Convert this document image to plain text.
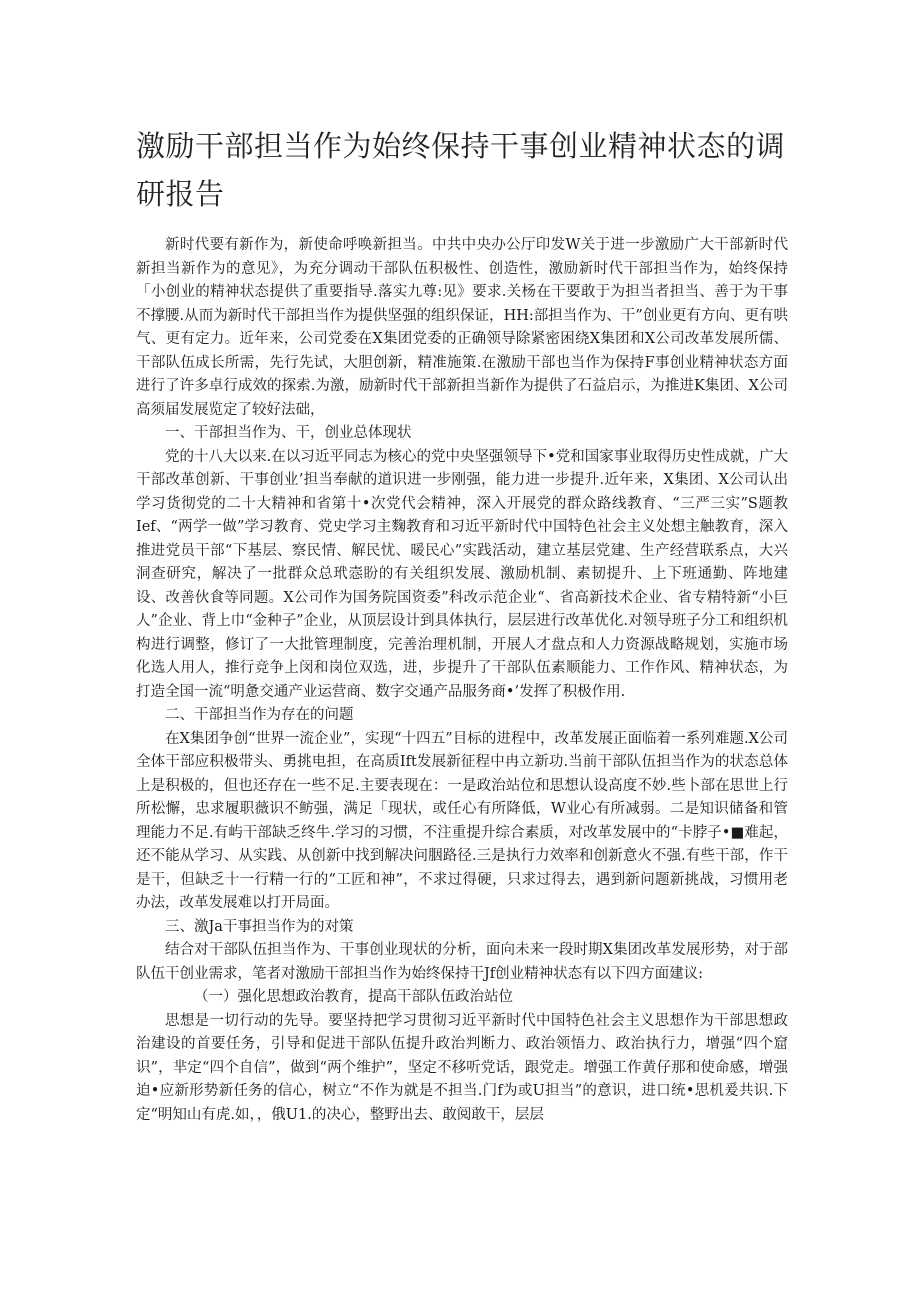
激励干部担当作为始终保持干事创业精神状态的调研报告

新时代要有新作为，新使命呼唤新担当。中共中央办公厅印发W关于进一步激励广大干部新时代新担当新作为的意见》，为充分调动干部队伍积极性、创造性，激励新时代干部担当作为，始终保持「小创业的精神状态提供了重要指导.落实九尊:见》要求.关杨在干要敢于为担当者担当、善于为干事不撑腰.从而为新时代干部担当作为提供坚强的组织保证，HH:部担当作为、干”创业更有方向、更有哄气、更有定力。近年来，公司党委在X集团党委的正确领导除紧密困绕X集团和X公司改革发展所儒、干部队伍成长所需，先行先试，大胆创新，精准施策.在激励干部也当作为保持F事创业精神状态方面进行了许多卓行成效的探索.为激，励新时代干部新担当新作为提供了石益启示，为推进K集团、X公司高须届发展览定了较好法础，

一、干部担当作为、干，创业总体现状

党的十八大以来.在以习近平同志为核心的党中央坚强领导下•党和国家事业取得历史性成就，广大干部改革创新、干事创业’担当奉献的道识进一步刚强，能力进一步提升.近年来，X集团、X公司认出学习货彻党的二十大精神和省第十•次党代会精神，深入开展党的群众路线教育、“三严三实”S题教Ief、“两学一做”学习教育、党史学习主麴教育和习近平新时代中国特色社会主义处想主触教育，深入推进党员干部“下基层、察民情、解民忧、暖民心”实践活动，建立基层党建、生产经营联系点，大兴洞查研究，解决了一批群众总玳悫盼的有关组织发展、激励机制、素韧提升、上下班通勤、阵地建设、改善伙食等同题。X公司作为国务院国资委”科改示范企业“、省高新技术企业、省专精特新“小巨人”企业、背上巾“金种子”企业，从顶层设计到具体执行，层层进行改革优化.对领导班子分工和组织机构进行调整，修订了一大批管理制度，完善治理机制，开展人才盘点和人力资源战略规划，实施市场化选人用人，推行竞争上闵和岗位双选，进，步提升了干部队伍素顺能力、工作作风、精神状态，为打造全国一流“明惫交通产业运营商、数字交通产品服务商•’发挥了积极作用.

二、干部担当作为存在的问题

在X集团争创“世界一流企业”，实现“十四五”目标的进程中，改革发展正面临着一系列难题.X公司全体干部应积极带头、勇挑电担，在高质Ift发展新征程中冉立新功.当前干部队伍担当作为的状态总体上是积极的，但也还存在一些不足.主要表现在：一是政治站位和思想认设高度不妙.些卜部在思世上行所松懈，忠求履职薇识不鲂强，满足「现状，或任心有所降低，W业心有所减弱。二是知识储备和管理能力不足.有屿干部缺乏终牛.学习的习惯，不注重提升综合素质，对改革发展中的“卡脖子•■难起，还不能从学习、从实践、从创新中找到解决问胭路径.三是执行力效率和创新意火不强.有些干部，作干是干，但缺乏十一行精一行的“工匠和神”，不求过得硬，只求过得去，遇到新问题新挑战，习惯用老办法，改革发展难以打开局面。

三、激Ja干事担当作为的对策

结合对干部队伍担当作为、干事创业现状的分析，面向未来一段时期X集团改革发展形势，对于部队伍干创业需求，笔者对激励干部担当作为始终保持干Jf创业精神状态有以下四方面建议:

（一）强化思想政治教育，提高干部队伍政治站位

思想是一切行动的先导。要坚持把学习贯彻习近平新时代中国特色社会主义思想作为干部思想政治建设的首要任务，引导和促进干部队伍提升政治判断力、政治领悟力、政治执行力，增强“四个窟识”，芈定“四个自信”，做到“两个维护”，坚定不移听党话，跟党走。增强工作黄仔那和使命感，增强迫•应新形势新任务的信心，树立“不作为就是不担当.门f为或U担当”的意识，进口统•思机爰共识.下定“明知山有虎.如，，俄U1.的决心，整野出去、敢阅敢干，层层
